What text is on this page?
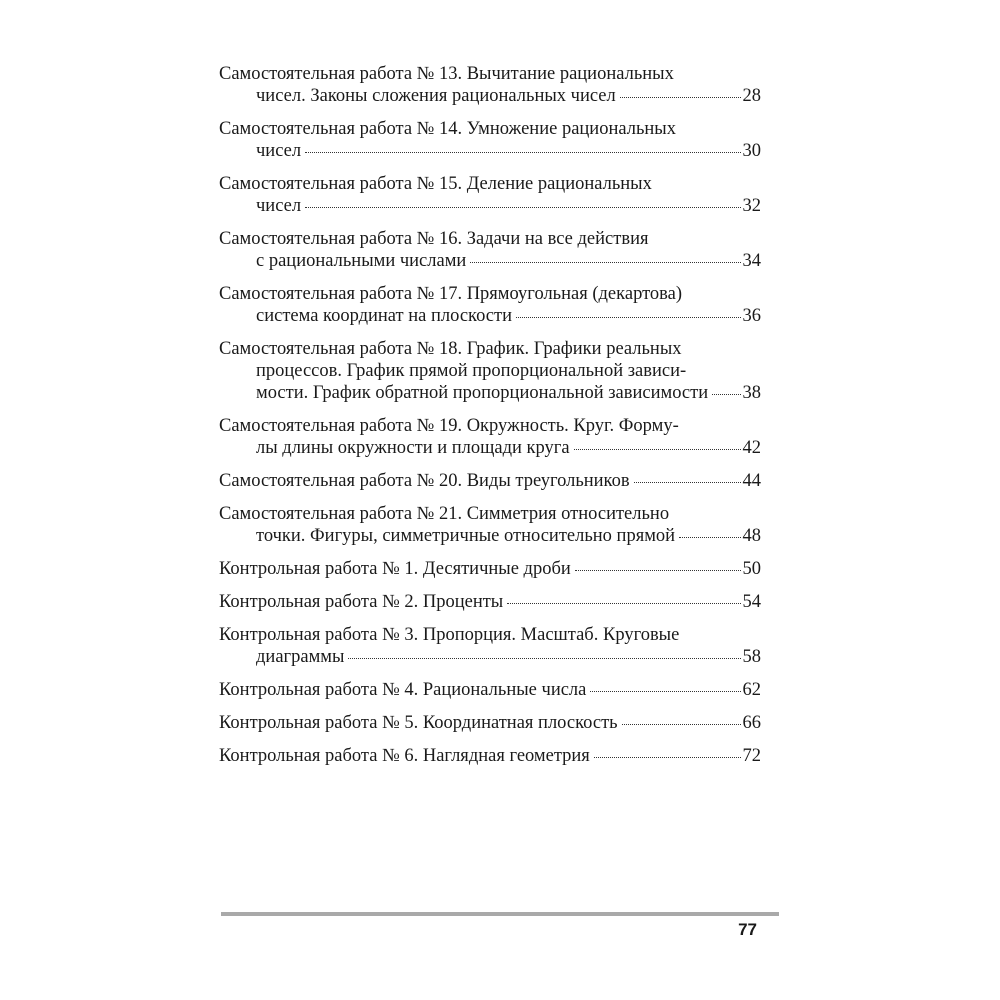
Самостоятельная работа № 13. Вычитание рациональных
чисел. Законы сложения рациональных чисел	28
Самостоятельная работа № 14. Умножение рациональных
чисел	30
Самостоятельная работа № 15. Деление рациональных
чисел	32
Самостоятельная работа № 16. Задачи на все действия
с рациональными числами	34
Самостоятельная работа № 17. Прямоугольная (декартова)
система координат на плоскости	36
Самостоятельная работа № 18. График. Графики реальных
процессов. График прямой пропорциональной зависи-
мости. График обратной пропорциональной зависимости 38
Самостоятельная работа № 19. Окружность. Круг. Форму-
лы длины окружности и площади круга	42
Самостоятельная работа № 20. Виды треугольников	44
Самостоятельная работа № 21. Симметрия относительно
точки. Фигуры, симметричные относительно прямой	48
Контрольная работа № 1. Десятичные дроби	50
Контрольная работа № 2. Проценты	54
Контрольная работа № 3. Пропорция. Масштаб. Круговые
диаграммы	58
Контрольная работа № 4. Рациональные числа	62
Контрольная работа № 5. Координатная плоскость	66
Контрольная работа № 6. Наглядная геометрия	72
77
